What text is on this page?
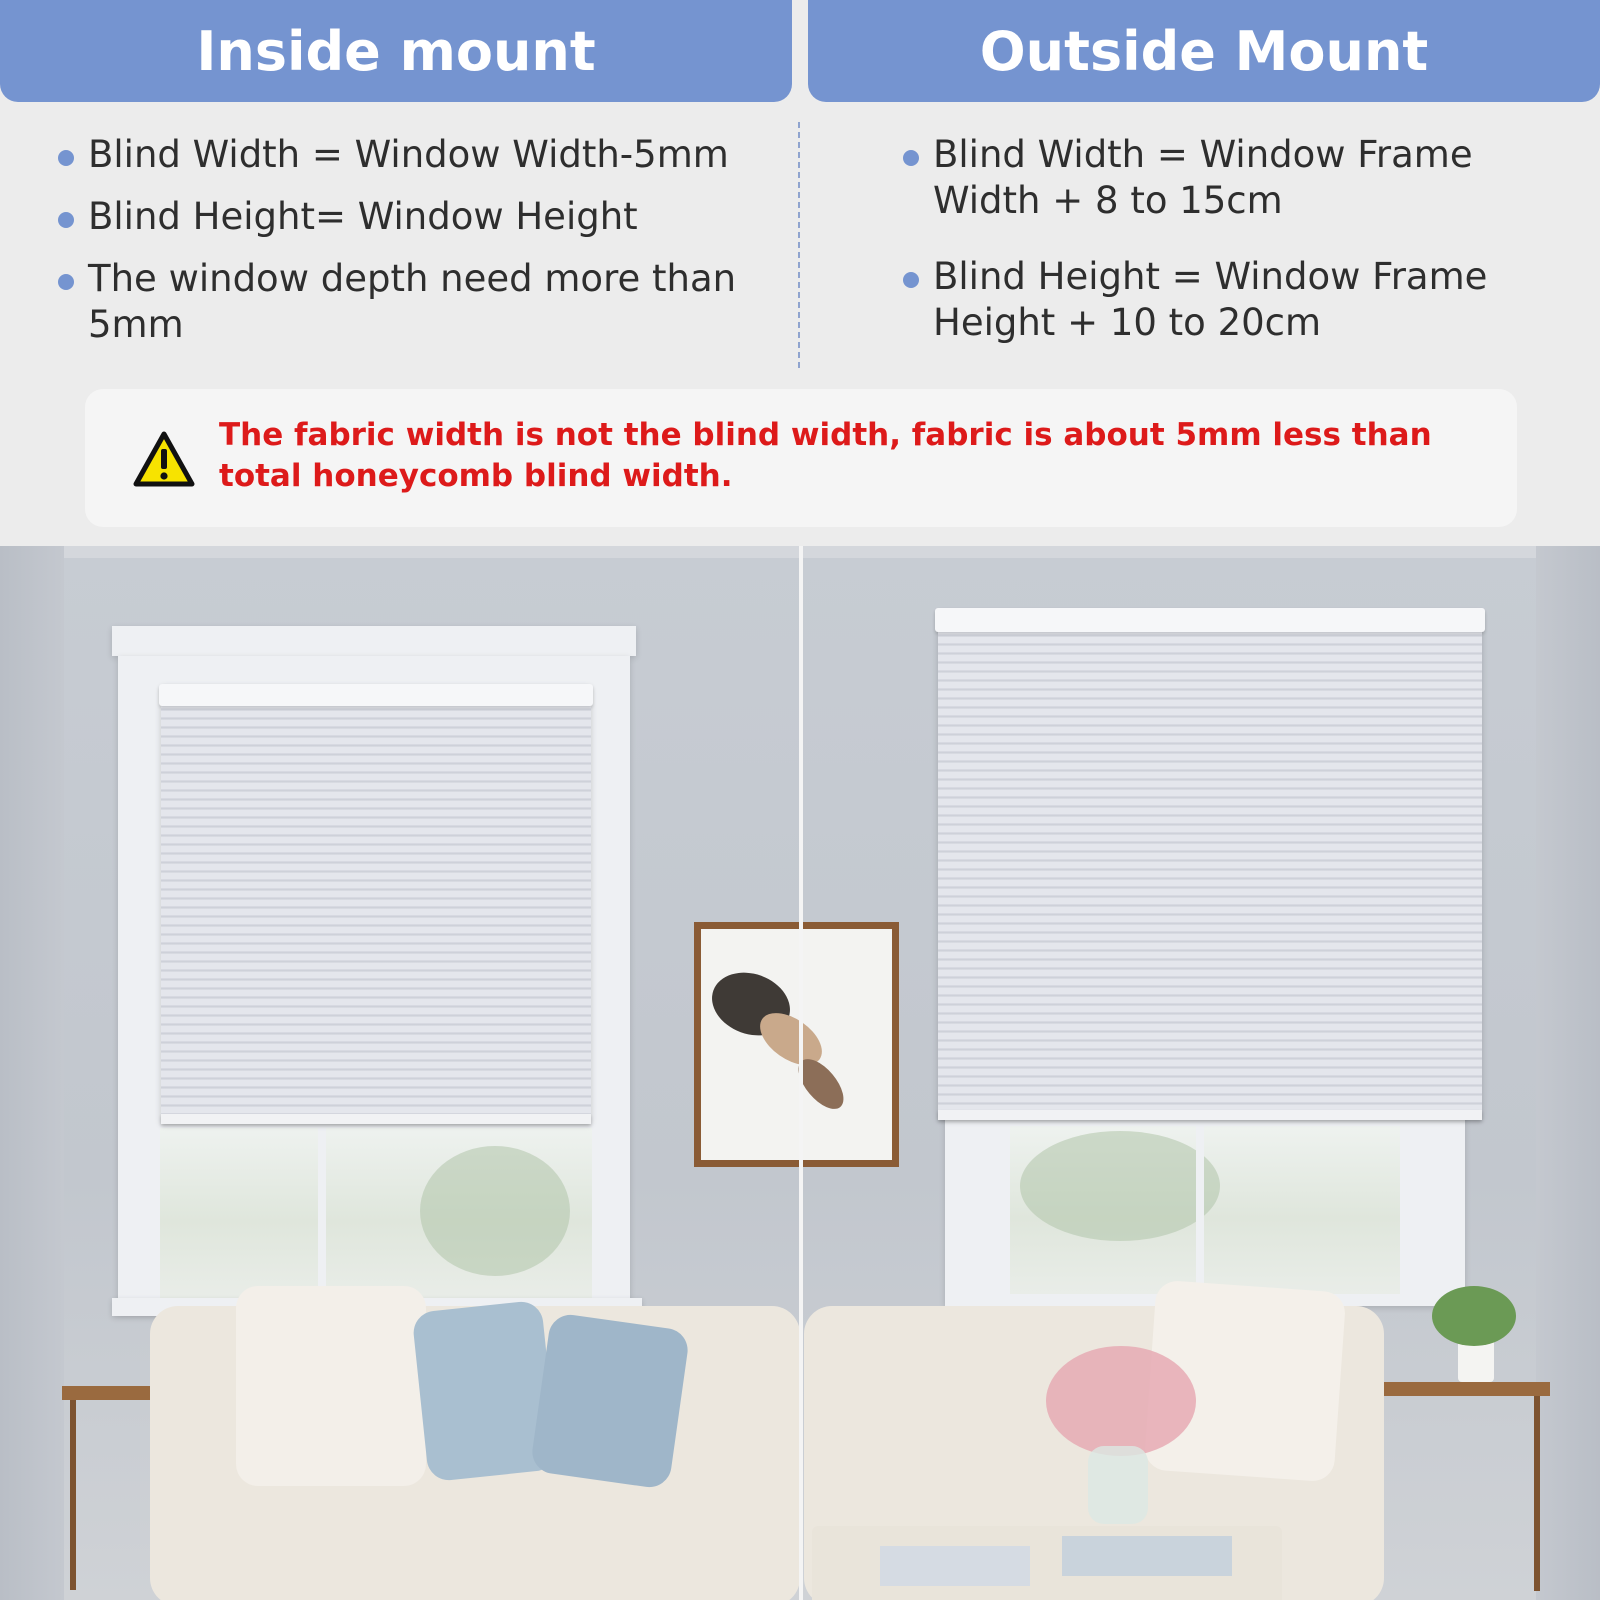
Inside mount	Outside Mount
Blind Width = Window Width-5mm
Blind Height= Window Height
The window depth need more than 5mm
Blind Width = Window Frame Width + 8 to 15cm
Blind Height = Window Frame Height + 10 to 20cm
The fabric width is not the blind width, fabric is about 5mm less than total honeycomb blind width.
